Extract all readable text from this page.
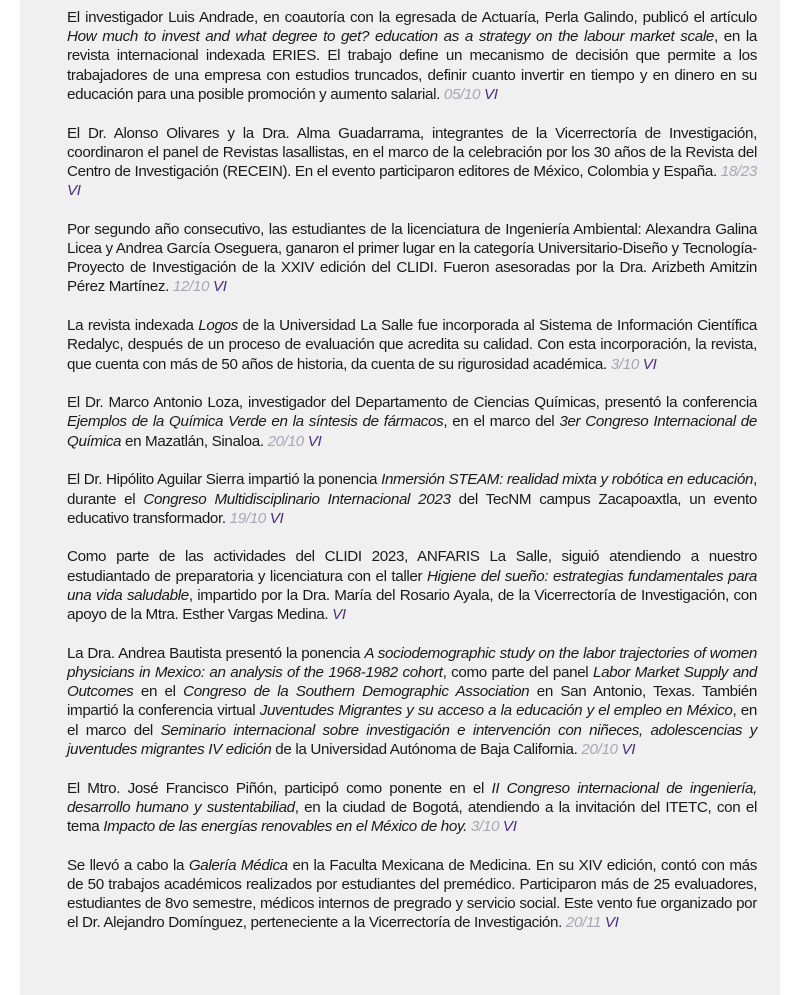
El investigador Luis Andrade, en coautoría con la egresada de Actuaría, Perla Galindo, publicó el artículo How much to invest and what degree to get? education as a strategy on the labour market scale, en la revista internacional indexada ERIES. El trabajo define un mecanismo de decisión que permite a los trabajadores de una empresa con estudios truncados, definir cuanto invertir en tiempo y en dinero en su educación para una posible promoción y aumento salarial. 05/10 VI

El Dr. Alonso Olivares y la Dra. Alma Guadarrama, integrantes de la Vicerrectoría de Investigación, coordinaron el panel de Revistas lasallistas, en el marco de la celebración por los 30 años de la Revista del Centro de Investigación (RECEIN). En el evento participaron editores de México, Colombia y España. 18/23 VI

Por segundo año consecutivo, las estudiantes de la licenciatura de Ingeniería Ambiental: Alexandra Galina Licea y Andrea García Oseguera, ganaron el primer lugar en la categoría Universitario-Diseño y Tecnología-Proyecto de Investigación de la XXIV edición del CLIDI. Fueron asesoradas por la Dra. Arizbeth Amitzin Pérez Martínez. 12/10 VI

La revista indexada Logos de la Universidad La Salle fue incorporada al Sistema de Información Científica Redalyc, después de un proceso de evaluación que acredita su calidad. Con esta incorporación, la revista, que cuenta con más de 50 años de historia, da cuenta de su rigurosidad académica. 3/10 VI

El Dr. Marco Antonio Loza, investigador del Departamento de Ciencias Químicas, presentó la conferencia Ejemplos de la Química Verde en la síntesis de fármacos, en el marco del 3er Congreso Internacional de Química en Mazatlán, Sinaloa. 20/10 VI

El Dr. Hipólito Aguilar Sierra impartió la ponencia Inmersión STEAM: realidad mixta y robótica en educación, durante el Congreso Multidisciplinario Internacional 2023 del TecNM campus Zacapoaxtla, un evento educativo transformador. 19/10 VI

Como parte de las actividades del CLIDI 2023, ANFARIS La Salle, siguió atendiendo a nuestro estudiantado de preparatoria y licenciatura con el taller Higiene del sueño: estrategias fundamentales para una vida saludable, impartido por la Dra. María del Rosario Ayala, de la Vicerrectoría de Investigación, con apoyo de la Mtra. Esther Vargas Medina. VI

La Dra. Andrea Bautista presentó la ponencia A sociodemographic study on the labor trajectories of women physicians in Mexico: an analysis of the 1968-1982 cohort, como parte del panel Labor Market Supply and Outcomes en el Congreso de la Southern Demographic Association en San Antonio, Texas. También impartió la conferencia virtual Juventudes Migrantes y su acceso a la educación y el empleo en México, en el marco del Seminario internacional sobre investigación e intervención con niñeces, adolescencias y juventudes migrantes IV edición de la Universidad Autónoma de Baja California. 20/10 VI

El Mtro. José Francisco Piñón, participó como ponente en el II Congreso internacional de ingeniería, desarrollo humano y sustentabiliad, en la ciudad de Bogotá, atendiendo a la invitación del ITETC, con el tema Impacto de las energías renovables en el México de hoy. 3/10 VI

Se llevó a cabo la Galería Médica en la Faculta Mexicana de Medicina. En su XIV edición, contó con más de 50 trabajos académicos realizados por estudiantes del premédico. Participaron más de 25 evaluadores, estudiantes de 8vo semestre, médicos internos de pregrado y servicio social. Este vento fue organizado por el Dr. Alejandro Domínguez, perteneciente a la Vicerrectoría de Investigación. 20/11 VI
